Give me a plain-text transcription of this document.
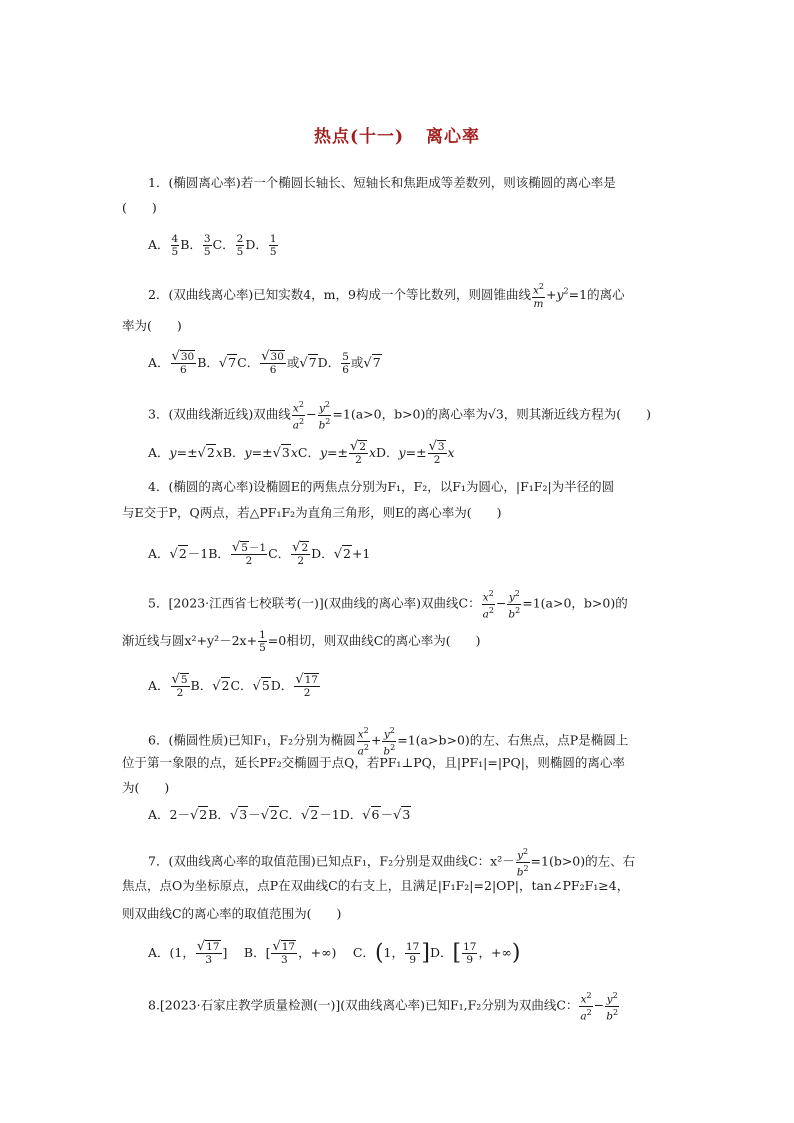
热点(十一) 离心率
1．(椭圆离心率)若一个椭圆长轴长、短轴长和焦距成等差数列，则该椭圆的离心率是
(　　)
A． $\frac{4}{5}$ B． $\frac{3}{5}$ C． $\frac{2}{5}$ D． $\frac{1}{5}$
2．(双曲线离心率)已知实数4，m，9构成一个等比数列，则圆锥曲线 $\frac{x^2}{m} +y^2=1$的离心
率为(　　)
A． $\frac{√30}{6}$ B．√7C． $\frac{√30}{6}$ 或√7D． $\frac{5}{6}$ 或√7
3．(双曲线渐近线)双曲线 $\frac{x^2}{a^2} - \frac{y^2}{b^2} =1(a>0$，b>0)的离心率为√3，则其渐近线方程为(　　)
A．y=±√2xB．y=±√3xC．$y=\pm \frac{√2}{2}$ xD．$y=\pm \frac{√3}{2}$ x
4．(椭圆的离心率)设椭圆E的两焦点分别为F₁，F₂，以F₁为圆心，|F₁F₂|为半径的圆
与E交于P，Q两点，若△PF₁F₂为直角三角形，则E的离心率为(　　)
A．√2－1B． $\frac{√5-1}{2}$ C． $\frac{√2}{2}$ D．√2+1
5．[2023·江西省七校联考(一)](双曲线的离心率)双曲线C： $\frac{x^2}{a^2} - \frac{y^2}{b^2} =1(a>0$，b>0)的
渐近线与圆$x^2+y^2-2x+ \frac{1}{5} =0$相切，则双曲线C的离心率为(　　)
A． $\frac{√5}{2}$ B．√2C．√5D． $\frac{√17}{2}$
6．(椭圆性质)已知F₁，F₂分别为椭圆 $\frac{x^2}{a^2} + \frac{y^2}{b^2} =1(a>b>0)$的左、右焦点，点P是椭圆上
位于第一象限的点，延长PF₂交椭圆于点Q，若PF₁⊥PQ，且|PF₁|=|PQ|，则椭圆的离心率
为(　　)
A．2－√2B．√3－√2C．√2－1D．√6－√3
7．(双曲线离心率的取值范围)已知点F₁，F₂分别是双曲线C：$x^2- \frac{y^2}{b^2} =1(b>0)$的左、右
焦点，点O为坐标原点，点P在双曲线C的右支上，且满足|F₁F₂|=2|OP|，tan∠PF₂F₁≥4，
则双曲线C的离心率的取值范围为(　　)
A．(1， $\frac{√17}{3}$ ]　 B．[ $\frac{√17}{3}$ ，+∞)　 C．(1， $\frac{17}{9} ]D$．[ $\frac{17}{9}$ ，+∞)
8.[2023·石家庄教学质量检测(一)](双曲线离心率)已知F₁,F₂分别为双曲线C： $\frac{x^2}{a^2} - \frac{y^2}{b^2}$
